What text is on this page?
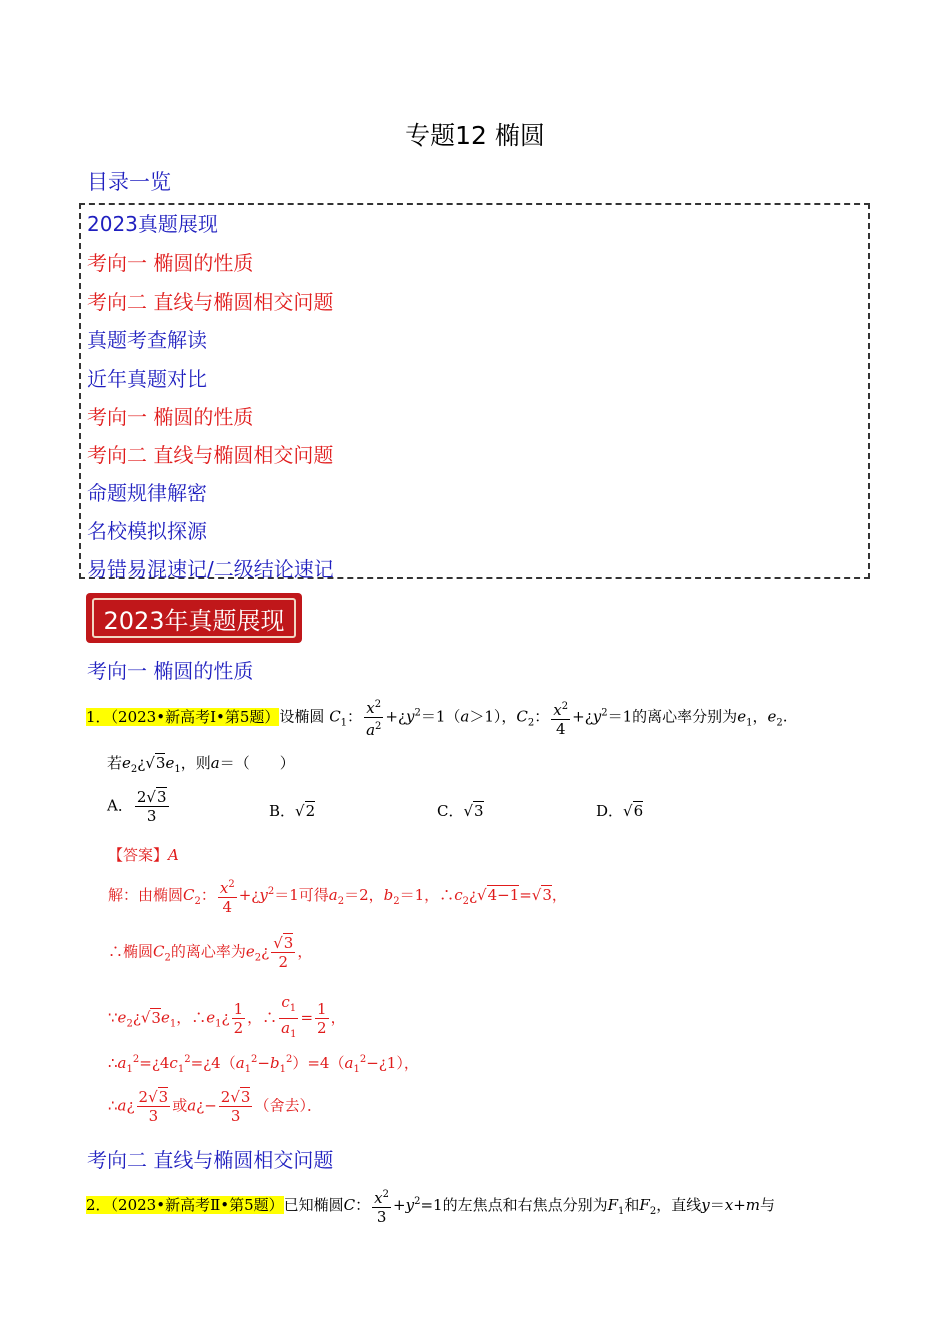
专题12 椭圆
目录一览
2023真题展现
考向一 椭圆的性质
考向二 直线与椭圆相交问题
真题考查解读
近年真题对比
考向一 椭圆的性质
考向二 直线与椭圆相交问题
命题规律解密
名校模拟探源
易错易混速记/二级结论速记
2023年真题展现
考向一 椭圆的性质
1．（2023•新高考Ⅰ•第5题）设椭圆 $C_1$： $\frac{x^2}{a^2}$ $+¿y^2=1(a>1)$，$C_2$： $\frac{x^2}{4}$ $+¿y^2=1$的离心率分别为$e_1$，$e_2$.
若$e_2¿√3e_1$，则a＝（　　）
A． $\frac{2√3}{3}$	B．√2	C．√3	D．√6
【答案】A
解：由椭圆$C_2$： $\frac{x^2}{4}$ $+¿y^2=1$可得$a_2=2$，$b_2=1$，$\therefore c_2¿√4-1=√3$，
∴椭圆$C_2$的离心率为$e_2¿ \frac{√3}{2}$ ，
$\because e_2¿√3e_1$，$\therefore e_1¿ \frac{1}{2}$ ，∴ $\frac{c_1}{a_1} = \frac{1}{2}$ ，
$\therefore a_1^2=¿4c_1^2=¿4(a_1^2-b_1^2)=4(a_1^2-¿1)$，
∴a¿ $\frac{2√3}{3}$ 或a¿− $\frac{2√3}{3}$ （舍去）．
考向二 直线与椭圆相交问题
2．（2023•新高考Ⅱ•第5题）已知椭圆C： $\frac{x^2}{3} +y^2=1$的左焦点和右焦点分别为$F_1$和$F_2$，直线y＝x+m与
